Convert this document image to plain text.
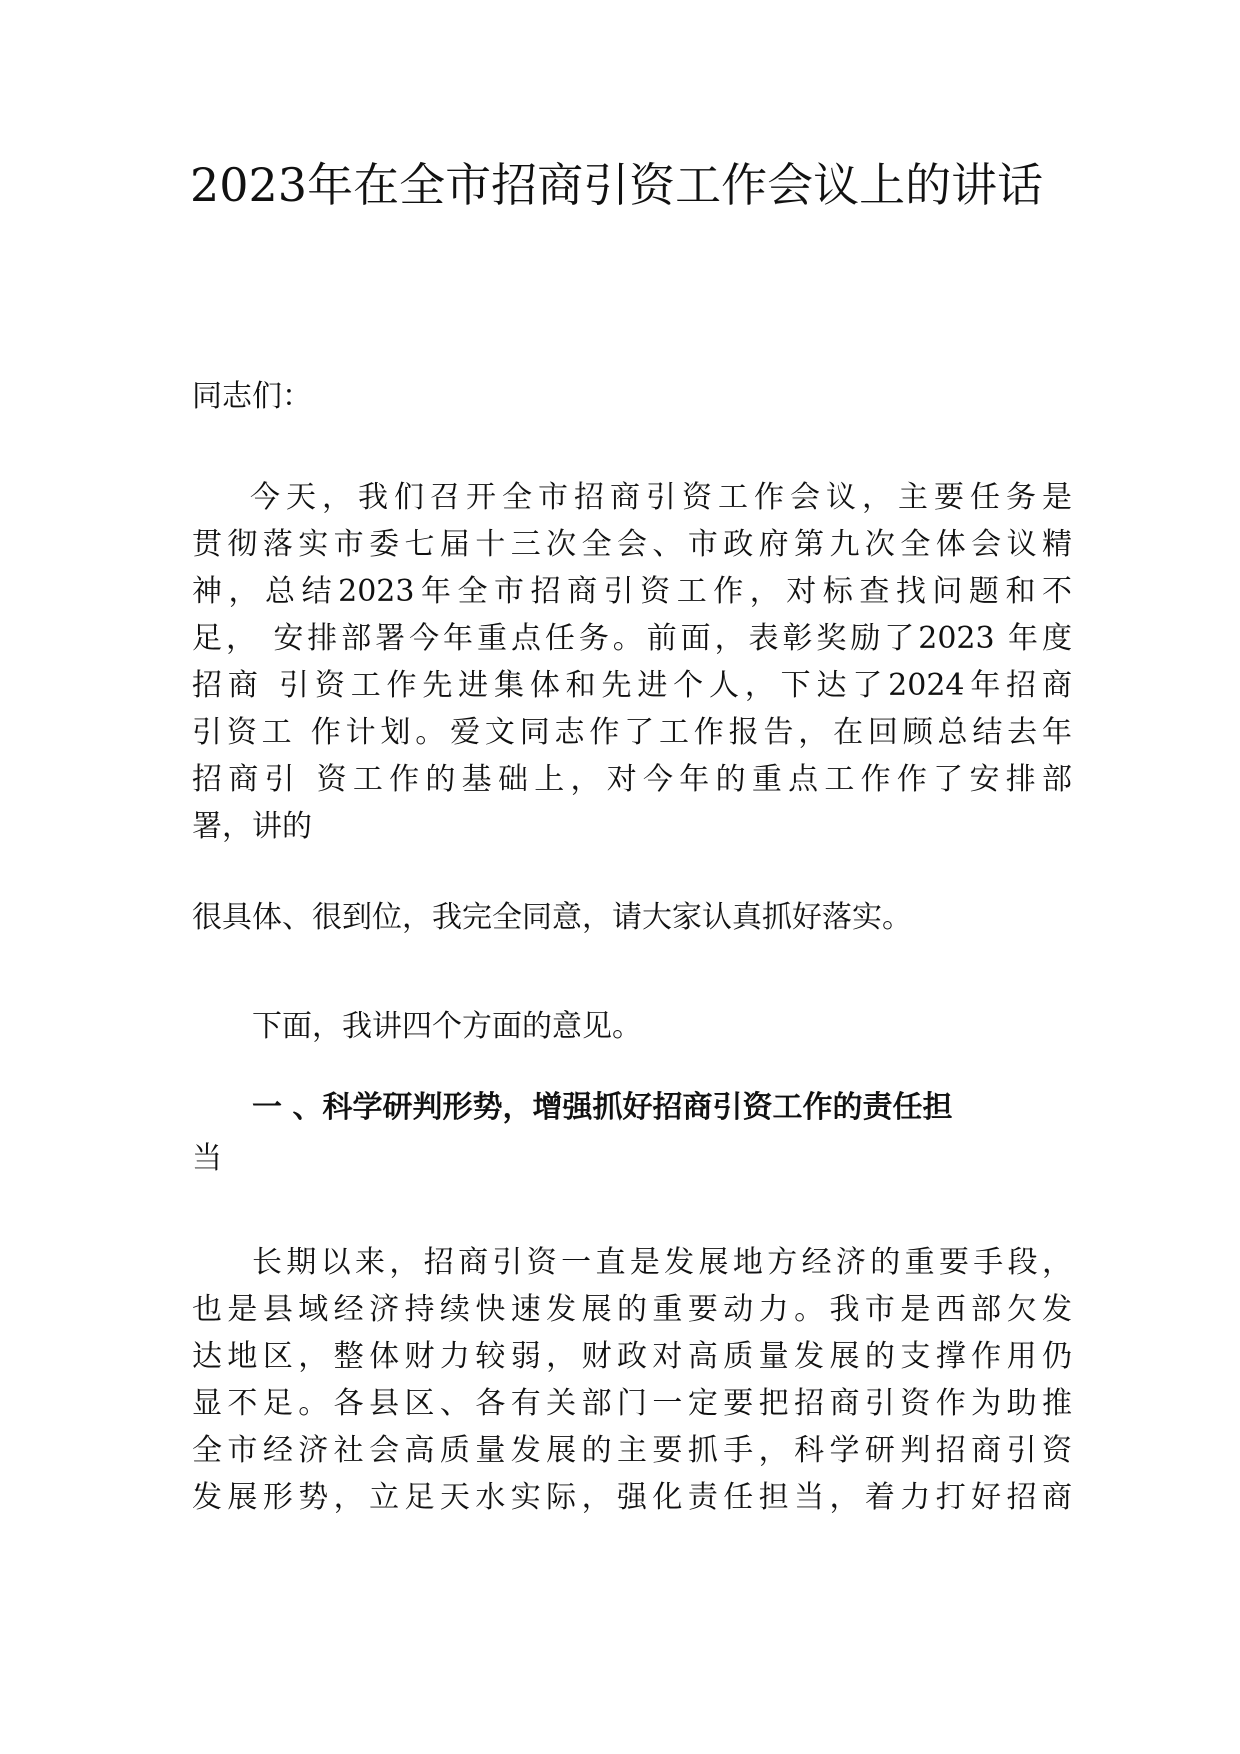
2023年在全市招商引资工作会议上的讲话
同志们：
今天，我们召开全市招商引资工作会议，主要任务是
贯彻落实市委七届十三次全会、市政府第九次全体会议精
神，总结2023年全市招商引资工作，对标查找问题和不
足， 安排部署今年重点任务。前面，表彰奖励了2023 年度
招商 引资工作先进集体和先进个人，下达了2024年招商
引资工 作计划。爱文同志作了工作报告，在回顾总结去年
招商引 资工作的基础上，对今年的重点工作作了安排部
署，讲的
很具体、很到位，我完全同意，请大家认真抓好落实。
下面，我讲四个方面的意见。
一 、科学研判形势，增强抓好招商引资工作的责任担
当
长期以来，招商引资一直是发展地方经济的重要手段，
也是县域经济持续快速发展的重要动力。我市是西部欠发
达地区，整体财力较弱，财政对高质量发展的支撑作用仍
显不足。各县区、各有关部门一定要把招商引资作为助推
全市经济社会高质量发展的主要抓手，科学研判招商引资
发展形势，立足天水实际，强化责任担当，着力打好招商
